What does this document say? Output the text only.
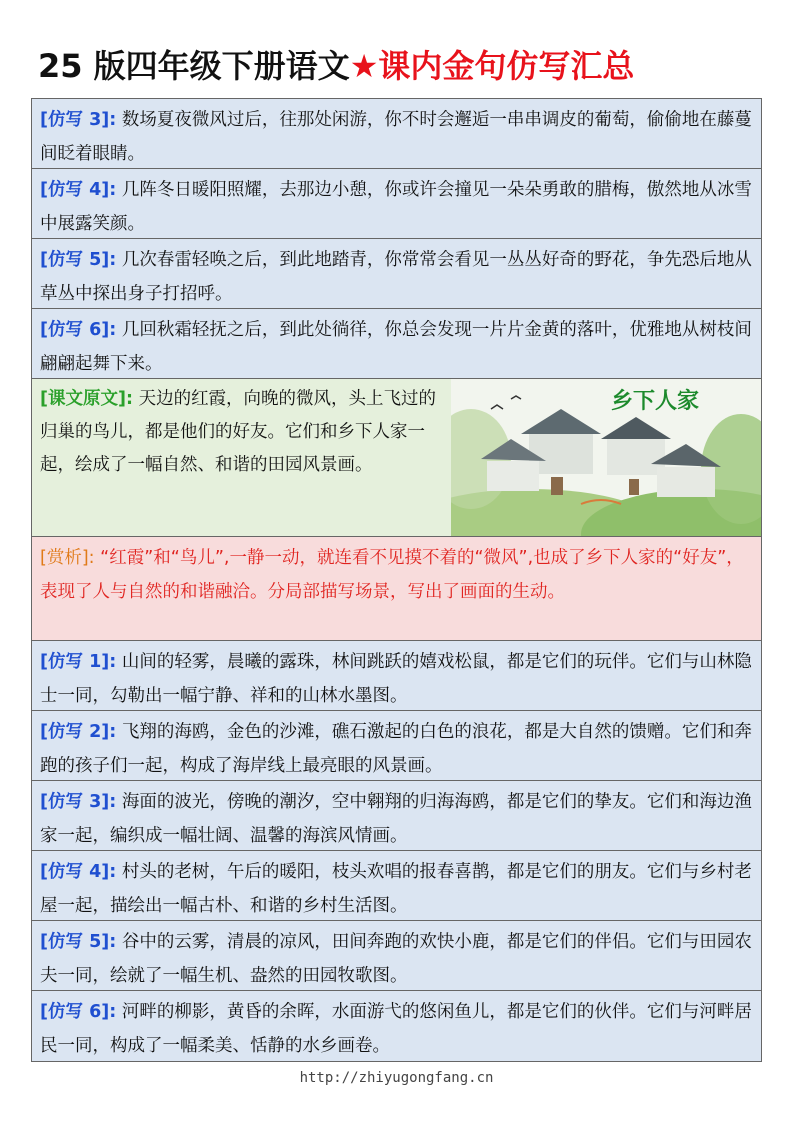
25 版四年级下册语文★课内金句仿写汇总
[仿写 3]: 数场夏夜微风过后，往那处闲游，你不时会邂逅一串串调皮的葡萄，偷偷地在藤蔓间眨着眼睛。
[仿写 4]: 几阵冬日暖阳照耀，去那边小憩，你或许会撞见一朵朵勇敢的腊梅，傲然地从冰雪中展露笑颜。
[仿写 5]: 几次春雷轻唤之后，到此地踏青，你常常会看见一丛丛好奇的野花，争先恐后地从草丛中探出身子打招呼。
[仿写 6]: 几回秋霜轻抚之后，到此处徜徉，你总会发现一片片金黄的落叶，优雅地从树枝间翩翩起舞下来。
[课文原文]: 天边的红霞，向晚的微风，头上飞过的归巢的鸟儿，都是他们的好友。它们和乡下人家一起，绘成了一幅自然、和谐的田园风景画。
乡下人家
[赏析]: “红霞”和“鸟儿”,一静一动，就连看不见摸不着的“微风”,也成了乡下人家的“好友”，表现了人与自然的和谐融洽。分局部描写场景，写出了画面的生动。
[仿写 1]: 山间的轻雾，晨曦的露珠，林间跳跃的嬉戏松鼠，都是它们的玩伴。它们与山林隐士一同，勾勒出一幅宁静、祥和的山林水墨图。
[仿写 2]: 飞翔的海鸥，金色的沙滩，礁石激起的白色的浪花，都是大自然的馈赠。它们和奔跑的孩子们一起，构成了海岸线上最亮眼的风景画。
[仿写 3]: 海面的波光，傍晚的潮汐，空中翱翔的归海海鸥，都是它们的挚友。它们和海边渔家一起，编织成一幅壮阔、温馨的海滨风情画。
[仿写 4]: 村头的老树，午后的暖阳，枝头欢唱的报春喜鹊，都是它们的朋友。它们与乡村老屋一起，描绘出一幅古朴、和谐的乡村生活图。
[仿写 5]: 谷中的云雾，清晨的凉风，田间奔跑的欢快小鹿，都是它们的伴侣。它们与田园农夫一同，绘就了一幅生机、盎然的田园牧歌图。
[仿写 6]: 河畔的柳影，黄昏的余晖，水面游弋的悠闲鱼儿，都是它们的伙伴。它们与河畔居民一同，构成了一幅柔美、恬静的水乡画卷。
http://zhiyugongfang.cn
